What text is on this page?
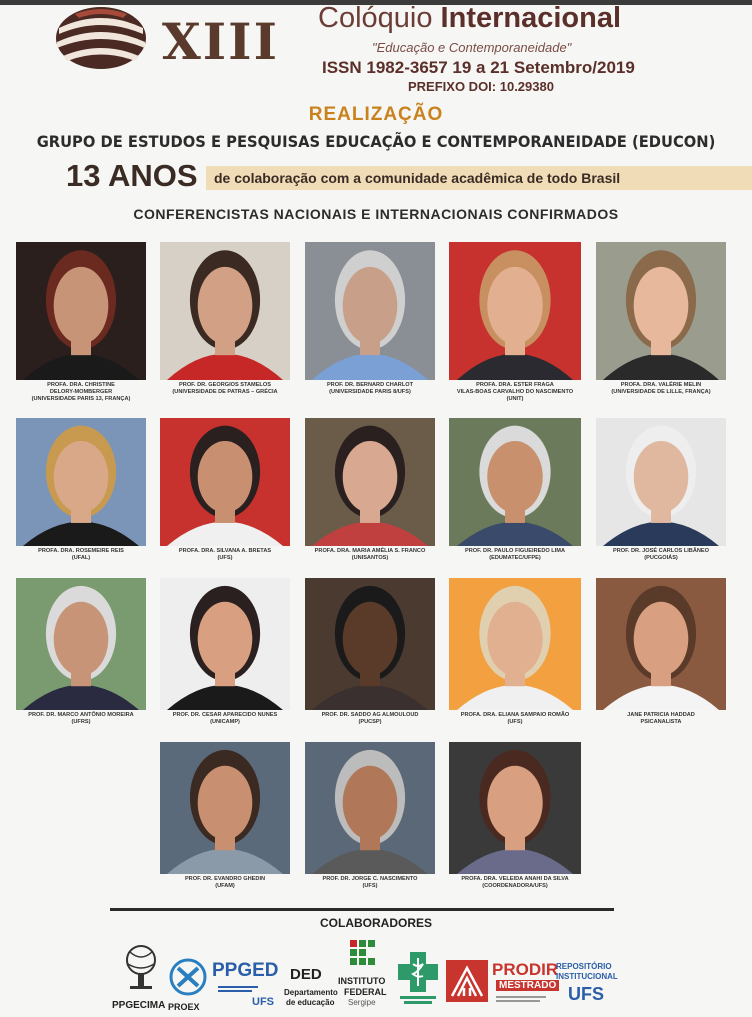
XIII Colóquio Internacional
"Educação e Contemporaneidade"
ISSN 1982-3657 19 a 21 Setembro/2019
PREFIXO DOI: 10.29380
REALIZAÇÃO
GRUPO DE ESTUDOS E PESQUISAS EDUCAÇÃO E CONTEMPORANEIDADE (EDUCON)
13 ANOS de colaboração com a comunidade acadêmica de todo Brasil
CONFERENCISTAS NACIONAIS E INTERNACIONAIS CONFIRMADOS
PROFA. DRA. CHRISTINE
DELORY-MOMBERGER
(UNIVERSIDADE PARIS 13, FRANÇA)
PROF. DR. GEORGIOS STAMELOS
(UNIVERSIDADE DE PATRAS – GRÉCIA
PROF. DR. BERNARD CHARLOT
(UNIVERSIDADE PARIS 8/UFS)
PROFA. DRA. ESTER FRAGA
VILAS-BOAS CARVALHO DO NASCIMENTO
(UNIT)
PROFA. DRA. VALÉRIE MELIN
(UNIVERSIDADE DE LILLE, FRANÇA)
PROFA. DRA. ROSEMEIRE REIS
(UFAL)
PROFA. DRA. SILVANA A. BRETAS
(UFS)
PROFA. DRA. MARIA AMÉLIA S. FRANCO
(UNISANTOS)
PROF. DR. PAULO FIGUEIREDO LIMA
(EDUMATEC/UFPE)
PROF. DR. JOSÉ CARLOS LIBÂNEO
(PUCGOIÁS)
PROF. DR. MARCO ANTÔNIO MOREIRA
(UFRS)
PROF. DR. CESAR APARECIDO NUNES
(UNICAMP)
PROF. DR. SADDO AG ALMOULOUD
(PUCSP)
PROFA. DRA. ELIANA SAMPAIO ROMÃO
(UFS)
JANE PATRICIA HADDAD
PSICANALISTA
PROF. DR. EVANDRO GHEDIN
(UFAM)
PROF. DR. JORGE C. NASCIMENTO
(UFS)
PROFA. DRA. VELEIDA ANAHI DA SILVA
(COORDENADORA/UFS)
COLABORADORES
PPGECIMA PROEX
PPGED
UFS
DED
Departamento
de educação
INSTITUTO
FEDERAL
Sergipe
PRODIR
MESTRADO
REPOSITÓRIO
INSTITUCIONAL
UFS
